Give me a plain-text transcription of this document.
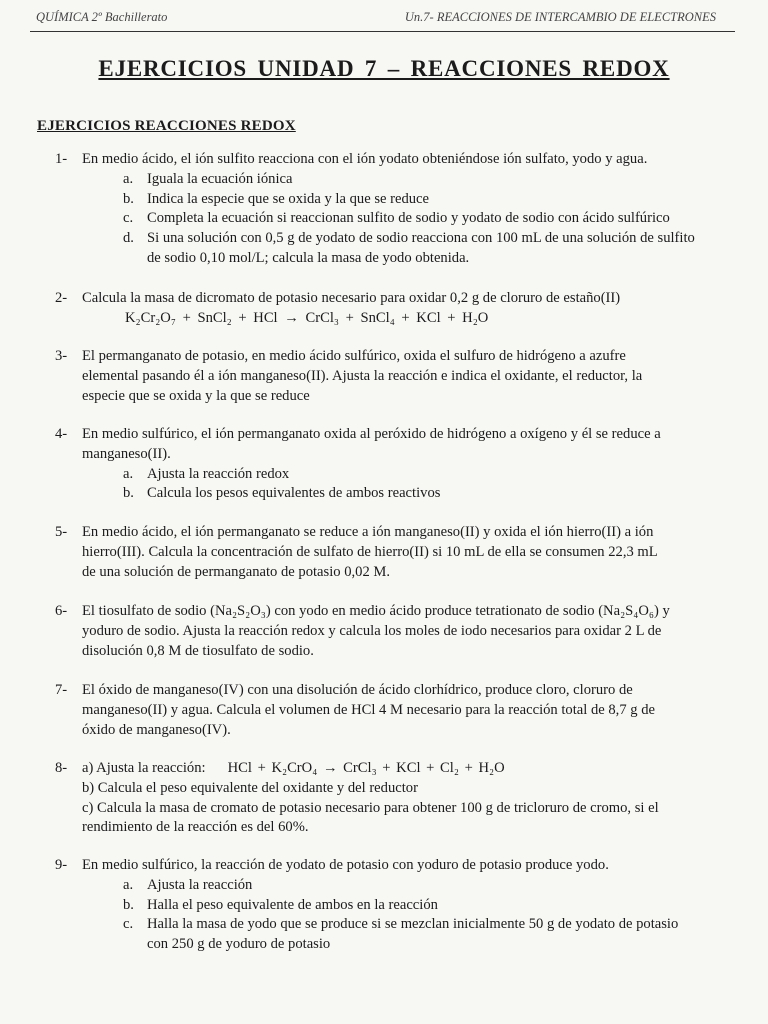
QUÍMICA 2º Bachillerato	Un.7- REACCIONES DE INTERCAMBIO DE ELECTRONES
EJERCICIOS UNIDAD 7 – REACCIONES REDOX
EJERCICIOS REACCIONES REDOX
1- En medio ácido, el ión sulfito reacciona con el ión yodato obteniéndose ión sulfato, yodo y agua.
a. Iguala la ecuación iónica
b. Indica la especie que se oxida y la que se reduce
c. Completa la ecuación si reaccionan sulfito de sodio y yodato de sodio con ácido sulfúrico
d. Si una solución con 0,5 g de yodato de sodio reacciona con 100 mL de una solución de sulfito
de sodio 0,10 mol/L; calcula la masa de yodo obtenida.
2- Calcula la masa de dicromato de potasio necesario para oxidar 0,2 g de cloruro de estaño(II)
K₂Cr₂O₇ + SnCl₂ + HCl → CrCl₃ + SnCl₄ + KCl + H₂O
3- El permanganato de potasio, en medio ácido sulfúrico, oxida el sulfuro de hidrógeno a azufre
elemental pasando él a ión manganeso(II). Ajusta la reacción e indica el oxidante, el reductor, la
especie que se oxida y la que se reduce
4- En medio sulfúrico, el ión permanganato oxida al peróxido de hidrógeno a oxígeno y él se reduce a
manganeso(II).
a. Ajusta la reacción redox
b. Calcula los pesos equivalentes de ambos reactivos
5- En medio ácido, el ión permanganato se reduce a ión manganeso(II) y oxida el ión hierro(II) a ión
hierro(III). Calcula la concentración de sulfato de hierro(II) si 10 mL de ella se consumen 22,3 mL
de una solución de permanganato de potasio 0,02 M.
6- El tiosulfato de sodio (Na₂S₂O₃) con yodo en medio ácido produce tetrationato de sodio (Na₂S₄O₆) y
yoduro de sodio. Ajusta la reacción redox y calcula los moles de iodo necesarios para oxidar 2 L de
disolución 0,8 M de tiosulfato de sodio.
7- El óxido de manganeso(IV) con una disolución de ácido clorhídrico, produce cloro, cloruro de
manganeso(II) y agua. Calcula el volumen de HCl 4 M necesario para la reacción total de 8,7 g de
óxido de manganeso(IV).
8- a) Ajusta la reacción: HCl + K₂CrO₄ → CrCl₃ + KCl + Cl₂ + H₂O
b) Calcula el peso equivalente del oxidante y del reductor
c) Calcula la masa de cromato de potasio necesario para obtener 100 g de tricloruro de cromo, si el
rendimiento de la reacción es del 60%.
9- En medio sulfúrico, la reacción de yodato de potasio con yoduro de potasio produce yodo.
a. Ajusta la reacción
b. Halla el peso equivalente de ambos en la reacción
c. Halla la masa de yodo que se produce si se mezclan inicialmente 50 g de yodato de potasio
con 250 g de yoduro de potasio
